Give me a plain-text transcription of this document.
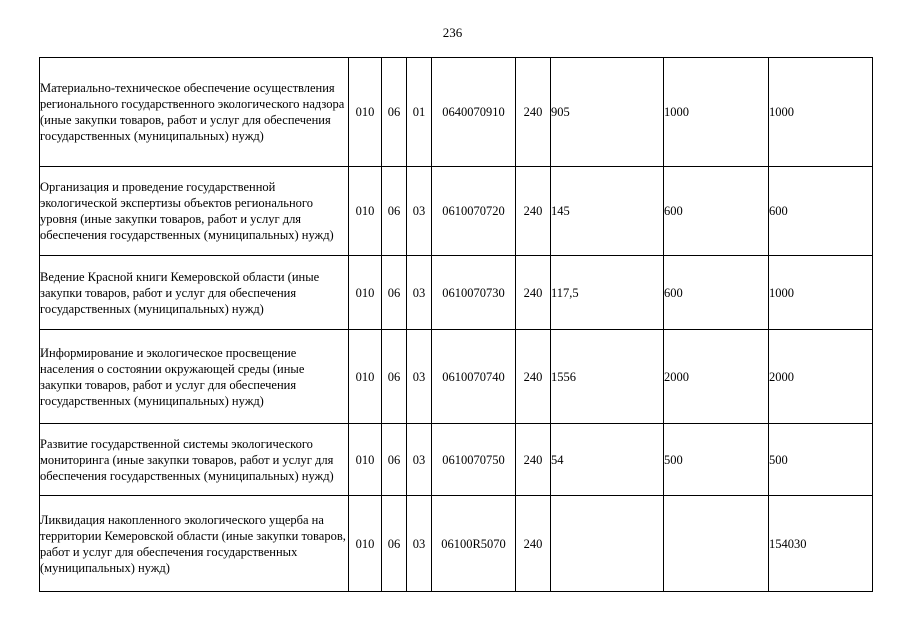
236
Материально-техническое обеспечение осуществления регионального государственного экологического надзора (иные закупки товаров, работ и услуг для обеспечения государственных (муниципальных) нужд)	010	06	01	0640070910	240	905	1000	1000
Организация и проведение государственной экологической экспертизы объектов регионального уровня (иные закупки товаров, работ и услуг для обеспечения государственных (муниципальных) нужд)	010	06	03	0610070720	240	145	600	600
Ведение Красной книги Кемеровской области (иные закупки товаров, работ и услуг для обеспечения государственных (муниципальных) нужд)	010	06	03	0610070730	240	117,5	600	1000
Информирование и экологическое просвещение населения о состоянии окружающей среды (иные закупки товаров, работ и услуг для обеспечения государственных (муниципальных) нужд)	010	06	03	0610070740	240	1556	2000	2000
Развитие государственной системы экологического мониторинга (иные закупки товаров, работ и услуг для обеспечения государственных (муниципальных) нужд)	010	06	03	0610070750	240	54	500	500
Ликвидация накопленного экологического ущерба на территории Кемеровской области (иные закупки товаров, работ и услуг для обеспечения государственных (муниципальных) нужд)	010	06	03	06100R5070	240			154030
